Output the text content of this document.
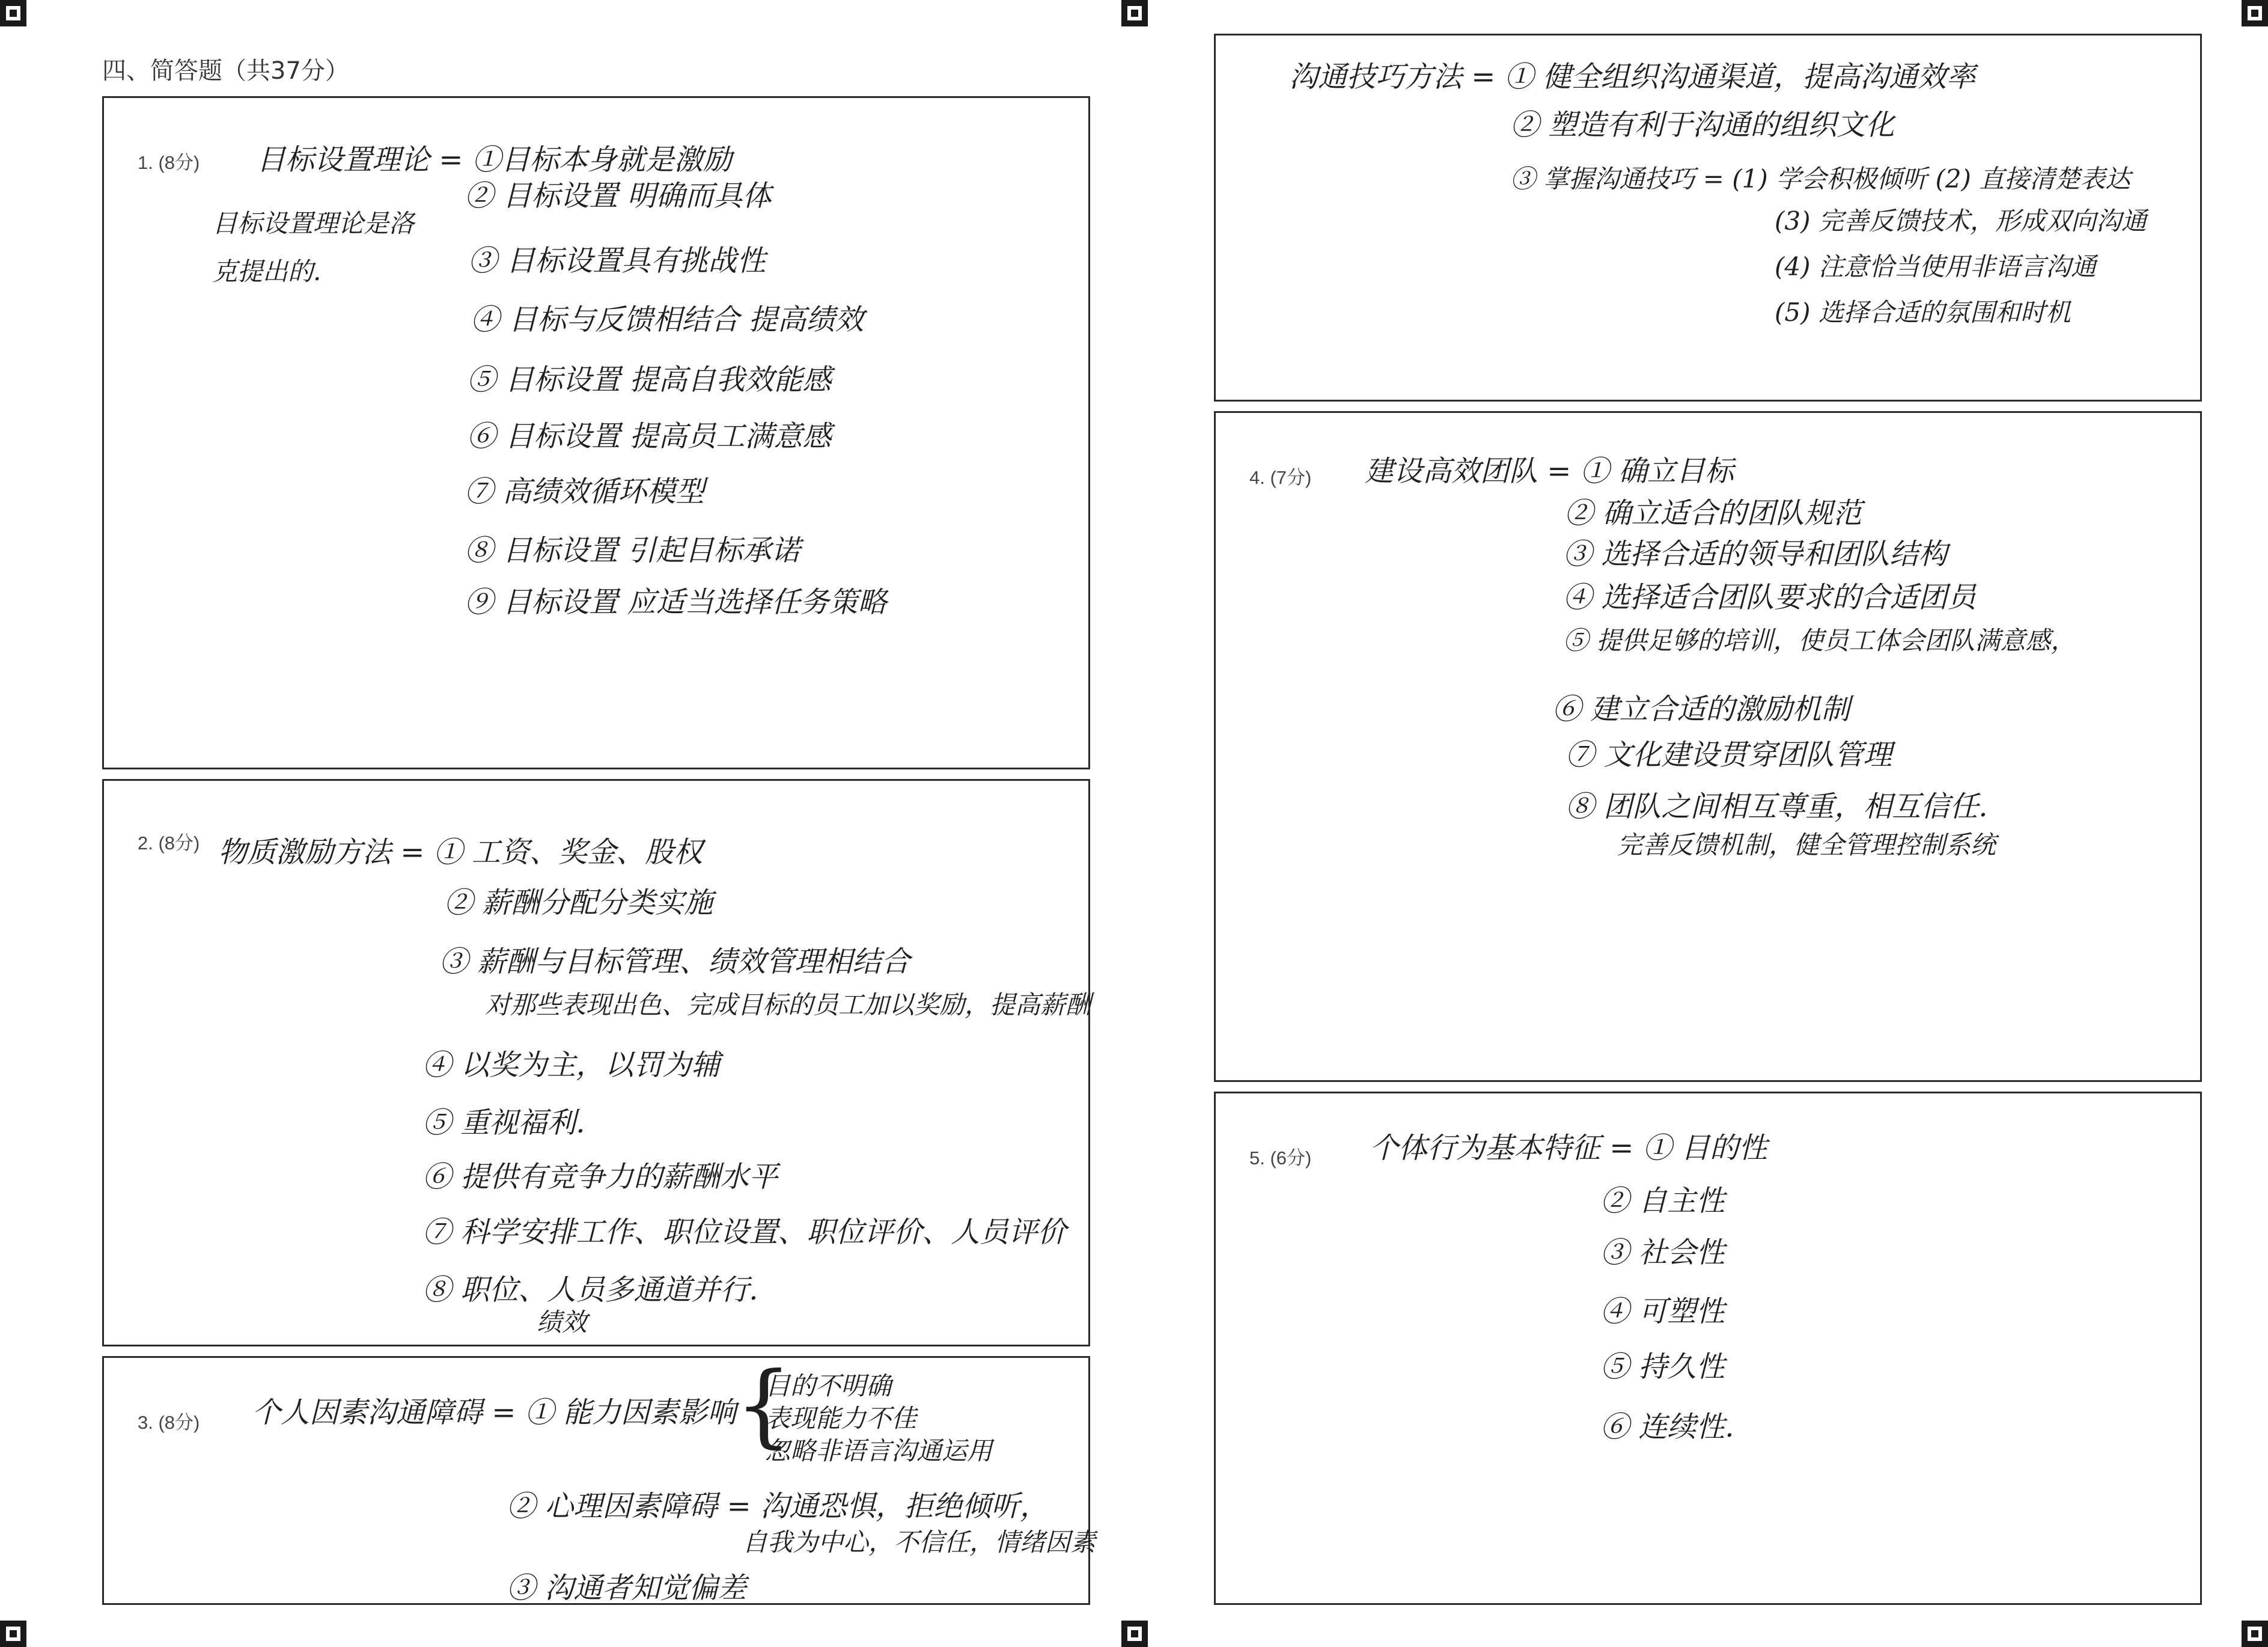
四、简答题（共37分）
1. (8分) 目标设置理论 = ①目标本身就是激励
目标设置理论是洛
克提出的.
② 目标设置 明确而具体
③ 目标设置具有挑战性
④ 目标与反馈相结合 提高绩效
⑤ 目标设置 提高自我效能感
⑥ 目标设置 提高员工满意感
⑦ 高绩效循环模型
⑧ 目标设置 引起目标承诺
⑨ 目标设置 应适当选择任务策略
2. (8分) 物质激励方法 = ① 工资、奖金、股权
② 薪酬分配分类实施
③ 薪酬与目标管理、绩效管理相结合
对那些表现出色、完成目标的员工加以奖励，提高薪酬
④ 以奖为主，以罚为辅
⑤ 重视福利.
⑥ 提供有竞争力的薪酬水平
⑦ 科学安排工作、职位设置、职位评价、人员评价
⑧ 职位、人员多通道并行.
绩效
3. (8分) 个人因素沟通障碍 = ① 能力因素影响
{
目的不明确
表现能力不佳
忽略非语言沟通运用
② 心理因素障碍 = 沟通恐惧，拒绝倾听，
自我为中心，不信任，情绪因素
③ 沟通者知觉偏差
沟通技巧方法 = ① 健全组织沟通渠道，提高沟通效率
② 塑造有利于沟通的组织文化
③ 掌握沟通技巧 = (1) 学会积极倾听 (2) 直接清楚表达
(3) 完善反馈技术，形成双向沟通
(4) 注意恰当使用非语言沟通
(5) 选择合适的氛围和时机
4. (7分) 建设高效团队 = ① 确立目标
② 确立适合的团队规范
③ 选择合适的领导和团队结构
④ 选择适合团队要求的合适团员
⑤ 提供足够的培训，使员工体会团队满意感，
⑥ 建立合适的激励机制
⑦ 文化建设贯穿团队管理
⑧ 团队之间相互尊重，相互信任.
完善反馈机制，健全管理控制系统
5. (6分) 个体行为基本特征 = ① 目的性
② 自主性
③ 社会性
④ 可塑性
⑤ 持久性
⑥ 连续性.
